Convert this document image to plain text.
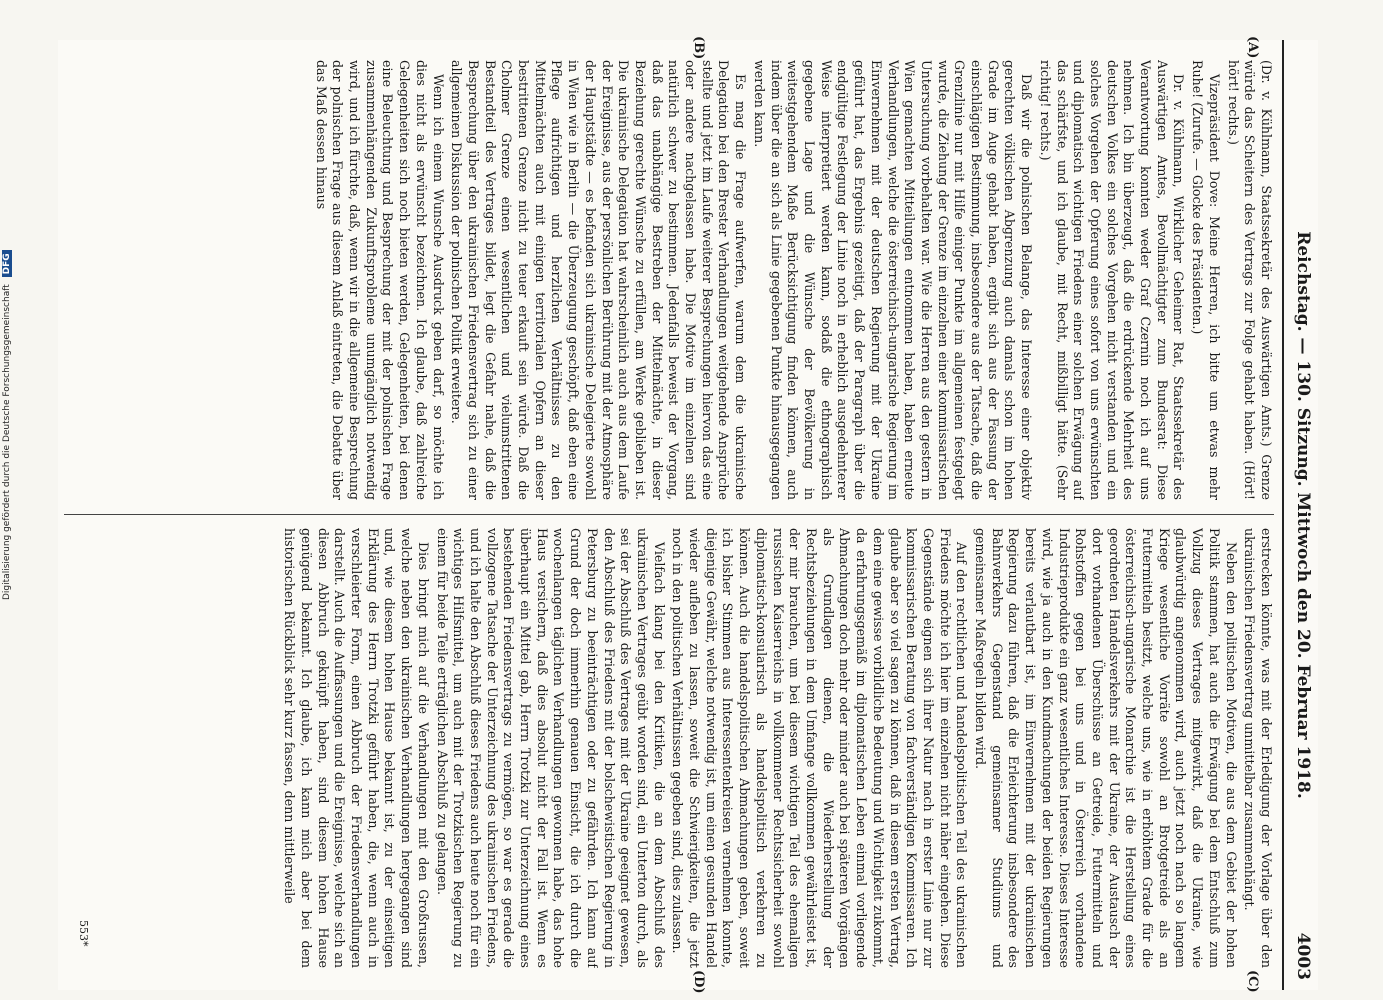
Reichstag. — 130. Sitzung. Mittwoch den 20. Februar 1918.
4003
(A)
(B)
(C)
(D)

(Dr. v. Kühlmann, Staatssekretär des Auswärtigen Amts.) Grenze würde das Scheitern des Vertrags zur Folge gehabt haben. (Hört! hört! rechts.)

Vizepräsident Dove: Meine Herren, ich bitte um etwas mehr Ruhe! (Zurufe. — Glocke des Präsidenten.)

Dr. v. Kühlmann, Wirklicher Geheimer Rat, Staatssekretär des Auswärtigen Amtes, Bevollmächtigter zum Bundesrat: Diese Verantwortung konnten weder Graf Czernin noch ich auf uns nehmen. Ich bin überzeugt, daß die erdrückende Mehrheit des deutschen Volkes ein solches Vorgehen nicht verstanden und ein solches Vorgehen der Opferung eines sofort von uns erwünschten und diplomatisch wichtigen Friedens einer solchen Erwägung auf das schärfste, und ich glaube, mit Recht, mißbilligt hätte. (Sehr richtig! rechts.)

Daß wir die polnischen Belange, das Interesse einer objektiv gerechten völkischen Abgrenzung auch damals schon im hohen Grade im Auge gehabt haben, ergibt sich aus der Fassung der einschlägigen Bestimmung, insbesondere aus der Tatsache, daß die Grenzlinie nur mit Hilfe einiger Punkte im allgemeinen festgelegt wurde, die Ziehung der Grenze im einzelnen einer kommissarischen Untersuchung vorbehalten war. Wie die Herren aus den gestern in Wien gemachten Mitteilungen entnommen haben, haben erneute Verhandlungen, welche die österreichisch-ungarische Regierung im Einvernehmen mit der deutschen Regierung mit der Ukraine geführt hat, das Ergebnis gezeitigt, daß der Paragraph über die endgültige Festlegung der Linie noch in erheblich ausgedehnterer Weise interpretiert werden kann, sodaß die ethnographisch gegebene Lage und die Wünsche der Bevölkerung in weitestgehendem Maße Berücksichtigung finden können, auch indem über die an sich als Linie gegebenen Punkte hinausgegangen werden kann.

Es mag die Frage aufwerfen, warum dem die ukrainische Delegation bei den Brester Verhandlungen weitgehende Ansprüche stellte und jetzt im Laufe weiterer Besprechungen hiervon das eine oder andere nachgelassen habe. Die Motive im einzelnen sind natürlich schwer zu bestimmen. Jedenfalls beweist der Vorgang, daß das unabhängige Bestreben der Mittelmächte, in dieser Beziehung gerechte Wünsche zu erfüllen, am Werke geblieben ist. Die ukrainische Delegation hat wahrscheinlich auch aus dem Laufe der Ereignisse, aus der persönlichen Berührung mit der Atmosphäre der Hauptstädte — es befanden sich ukrainische Delegierte sowohl in Wien wie in Berlin — die Überzeugung geschöpft, daß eben eine Pflege aufrichtigen und herzlichen Verhältnisses zu den Mittelmächten auch mit einigen territorialen Opfern an dieser bestrittenen Grenze nicht zu teuer erkauft sein würde. Daß die Cholmer Grenze einen wesentlichen und vielumstrittenen Bestandteil des Vertrages bildet, legt die Gefahr nahe, daß die Besprechung über den ukrainischen Friedensvertrag sich zu einer allgemeinen Diskussion der polnischen Politik erweitere.

Wenn ich einem Wunsche Ausdruck geben darf, so möchte ich dies nicht als erwünscht bezeichnen. Ich glaube, daß zahlreiche Gelegenheiten sich noch bieten werden, Gelegenheiten, bei denen eine Beleuchtung und Besprechung der mit der polnischen Frage zusammenhängenden Zukunftsprobleme unumgänglich notwendig wird, und ich fürchte, daß, wenn wir in die allgemeine Besprechung der polnischen Frage aus diesem Anlaß eintreten, die Debatte über das Maß dessen hinaus

erstrecken könnte, was mit der Erledigung der Vorlage über den ukrainischen Friedensvertrag unmittelbar zusammenhängt.

Neben den politischen Motiven, die aus dem Gebiet der hohen Politik stammen, hat auch die Erwägung bei dem Entschluß zum Vollzug dieses Vertrages mitgewirkt, daß die Ukraine, wie glaubwürdig angenommen wird, auch jetzt noch nach so langem Kriege wesentliche Vorräte sowohl an Brotgetreide als an Futtermitteln besitzt, welche uns, wie in erhöhtem Grade für die österreichisch-ungarische Monarchie ist die Herstellung eines geordneten Handelsverkehrs mit der Ukraine, der Austausch der dort vorhandenen Überschüsse an Getreide, Futtermitteln und Rohstoffen gegen bei uns und in Österreich vorhandene Industrieprodukte ein ganz wesentliches Interesse. Dieses Interesse wird, wie ja auch in den Kundmachungen der beiden Regierungen bereits verlautbart ist, im Einvernehmen mit der ukrainischen Regierung dazu führen, daß die Erleichterung insbesondere des Bahnverkehrs Gegenstand gemeinsamer Studiums und gemeinsamer Maßregeln bilden wird.

Auf den rechtlichen und handelspolitischen Teil des ukrainischen Friedens möchte ich hier im einzelnen nicht näher eingehen. Diese Gegenstände eignen sich ihrer Natur nach in erster Linie nur zur kommissarischen Beratung von fachverständigen Kommissaren. Ich glaube aber so viel sagen zu können, daß in diesem ersten Vertrag, dem eine gewisse vorbildliche Bedeutung und Wichtigkeit zukommt, da erfahrungsgemäß im diplomatischen Leben einmal vorliegende Abmachungen doch mehr oder minder auch bei späteren Vorgängen als Grundlagen dienen, die Wiederherstellung der Rechtsbeziehungen in dem Umfange vollkommen gewährleistet ist, der mir brauchen, um bei diesem wichtigen Teil des ehemaligen russischen Kaiserreichs in vollkommener Rechtssicherheit sowohl diplomatisch-konsularisch als handelspolitisch verkehren zu können. Auch die handelspolitischen Abmachungen geben, soweit ich bisher Stimmen aus Interessentenkreisen vernehmen konnte, diejenige Gewähr, welche notwendig ist, um einen gesunden Handel wieder aufleben zu lassen, soweit die Schwierigkeiten, die jetzt noch in den politischen Verhältnissen gegeben sind, dies zulassen.

Vielfach klang bei den Kritiken, die an dem Abschluß des ukrainischen Vertrages geübt worden sind, ein Unterton durch, als sei der Abschluß des Vertrages mit der Ukraine geeignet gewesen, den Abschluß des Friedens mit der bolschewistischen Regierung in Petersburg zu beeinträchtigen oder zu gefährden. Ich kann auf Grund der doch immerhin genauen Einsicht, die ich durch die wochenlangen täglichen Verhandlungen gewonnen habe, das hohe Haus versichern, daß dies absolut nicht der Fall ist. Wenn es überhaupt ein Mittel gab, Herrn Trotzki zur Unterzeichnung eines bestehenden Friedensvertrags zu vermögen, so war es gerade die vollzogene Tatsache der Unterzeichnung des ukrainischen Friedens, und ich halte den Abschluß dieses Friedens auch heute noch für ein wichtiges Hilfsmittel, um auch mit der Trotzkischen Regierung zu einem für beide Teile erträglichen Abschluß zu gelangen.

Dies bringt mich auf die Verhandlungen mit den Großrussen, welche neben den ukrainischen Verhandlungen hergegangen sind und, wie diesem hohen Hause bekannt ist, zu der einseitigen Erklärung des Herrn Trotzki geführt haben, die, wenn auch in verschleierter Form, einen Abbruch der Friedensverhandlungen darstellt. Auch die Auffassungen und die Ereignisse, welche sich an diesen Abbruch geknüpft haben, sind diesem hohen Hause genügend bekannt. Ich glaube, ich kann mich aber bei dem historischen Rückblick sehr kurz fassen, denn mittlerweile

553*
Digitalisierung gefördert durch die Deutsche Forschungsgemeinschaft DFG
